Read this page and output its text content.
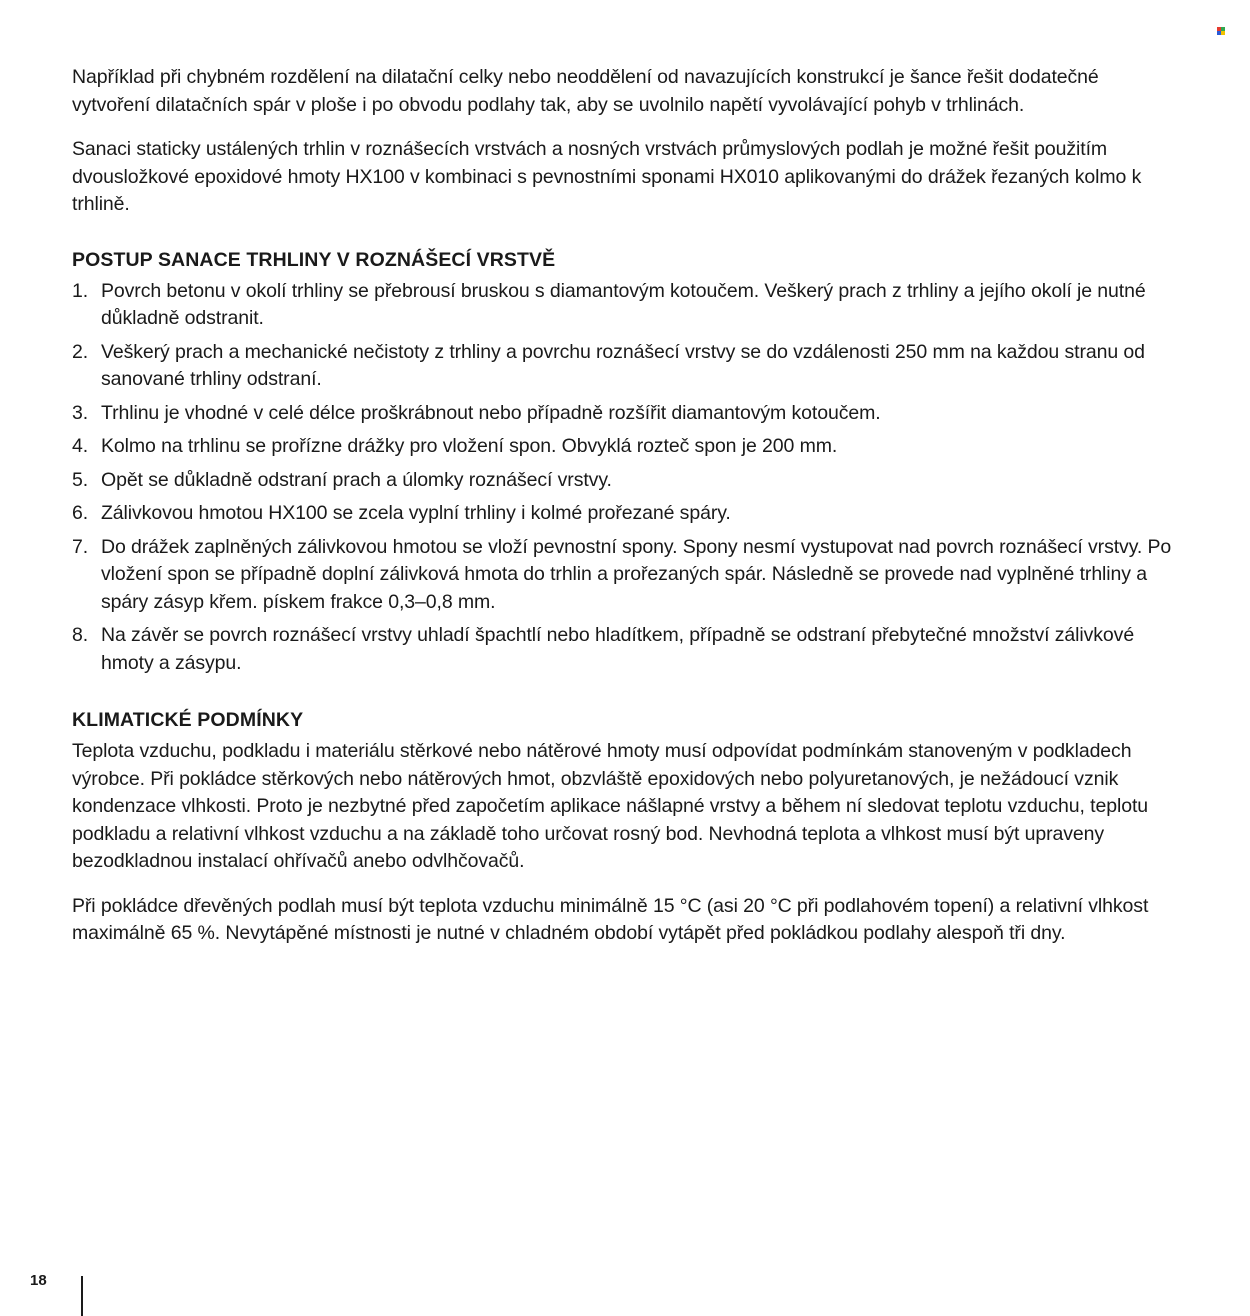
Například při chybném rozdělení na dilatační celky nebo neoddělení od navazujících konstrukcí je šance řešit dodatečné vytvoření dilatačních spár v ploše i po obvodu podlahy tak, aby se uvolnilo napětí vyvolávající pohyb v trhlinách.

Sanaci staticky ustálených trhlin v roznášecích vrstvách a nosných vrstvách průmyslových podlah je možné řešit použitím dvousložkové epoxidové hmoty HX100 v kombinaci s pevnostními sponami HX010 aplikovanými do drážek řezaných kolmo k trhlině.

POSTUP SANACE TRHLINY V ROZNÁŠECÍ VRSTVĚ
1. Povrch betonu v okolí trhliny se přebrousí bruskou s diamantovým kotoučem. Veškerý prach z trhliny a jejího okolí je nutné důkladně odstranit.
2. Veškerý prach a mechanické nečistoty z trhliny a povrchu roznášecí vrstvy se do vzdálenosti 250 mm na každou stranu od sanované trhliny odstraní.
3. Trhlinu je vhodné v celé délce proškrábnout nebo případně rozšířit diamantovým kotoučem.
4. Kolmo na trhlinu se prořízne drážky pro vložení spon. Obvyklá rozteč spon je 200 mm.
5. Opět se důkladně odstraní prach a úlomky roznášecí vrstvy.
6. Zálivkovou hmotou HX100 se zcela vyplní trhliny i kolmé prořezané spáry.
7. Do drážek zaplněných zálivkovou hmotou se vloží pevnostní spony. Spony nesmí vystupovat nad povrch roznášecí vrstvy. Po vložení spon se případně doplní zálivková hmota do trhlin a prořezaných spár. Následně se provede nad vyplněné trhliny a spáry zásyp křem. pískem frakce 0,3–0,8 mm.
8. Na závěr se povrch roznášecí vrstvy uhladí špachtlí nebo hladítkem, případně se odstraní přebytečné množství zálivkové hmoty a zásypu.
KLIMATICKÉ PODMÍNKY

Teplota vzduchu, podkladu i materiálu stěrkové nebo nátěrové hmoty musí odpovídat podmínkám stanoveným v podkladech výrobce. Při pokládce stěrkových nebo nátěrových hmot, obzvláště epoxidových nebo polyuretanových, je nežádoucí vznik kondenzace vlhkosti. Proto je nezbytné před započetím aplikace nášlapné vrstvy a během ní sledovat teplotu vzduchu, teplotu podkladu a relativní vlhkost vzduchu a na základě toho určovat rosný bod. Nevhodná teplota a vlhkost musí být upraveny bezodkladnou instalací ohřívačů anebo odvlhčovačů.

Při pokládce dřevěných podlah musí být teplota vzduchu minimálně 15 °C (asi 20 °C při podlahovém topení) a relativní vlhkost maximálně 65 %. Nevytápěné místnosti je nutné v chladném období vytápět před pokládkou podlahy alespoň tři dny.

18
